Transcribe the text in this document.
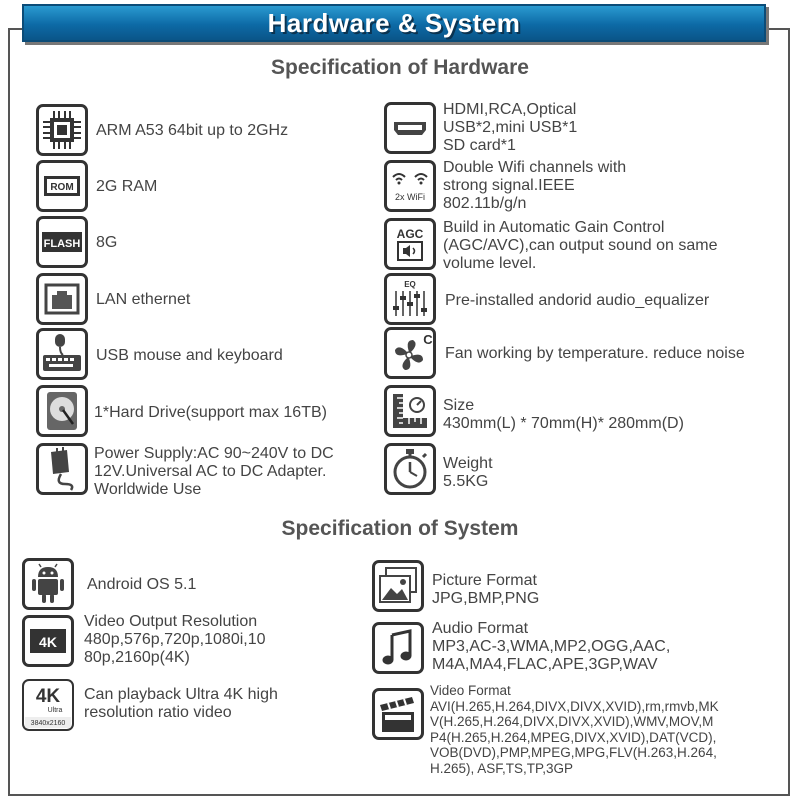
Hardware & System
Specification of Hardware
ARM A53 64bit up to 2GHz
ROM 2G RAM
FLASH 8G
LAN ethernet
USB mouse and keyboard
1*Hard Drive(support max 16TB)
Power Supply:AC 90~240V to DC
12V.Universal AC to DC Adapter.
Worldwide Use
HDMI,RCA,Optical
USB*2,mini USB*1
SD card*1
2x WiFi
Double Wifi channels with
strong signal.IEEE
802.11b/g/n
AGC Build in Automatic Gain Control
(AGC/AVC),can output sound on same
volume level.
EQ
Pre-installed andorid audio_equalizer
C
Fan working by temperature. reduce noise
Size
430mm(L) * 70mm(H)* 280mm(D)
Weight
5.5KG
Specification of System
Android OS 5.1
4K
Video Output Resolution
480p,576p,720p,1080i,10
80p,2160p(4K)
4K
Ultra
3840x2160
Can playback Ultra 4K high
resolution ratio video
Picture Format
JPG,BMP,PNG
Audio Format
MP3,AC-3,WMA,MP2,OGG,AAC,
M4A,MA4,FLAC,APE,3GP,WAV
Video Format
AVI(H.265,H.264,DIVX,DIVX,XVID),rm,rmvb,MK
V(H.265,H.264,DIVX,DIVX,XVID),WMV,MOV,M
P4(H.265,H.264,MPEG,DIVX,XVID),DAT(VCD),
VOB(DVD),PMP,MPEG,MPG,FLV(H.263,H.264,
H.265), ASF,TS,TP,3GP
